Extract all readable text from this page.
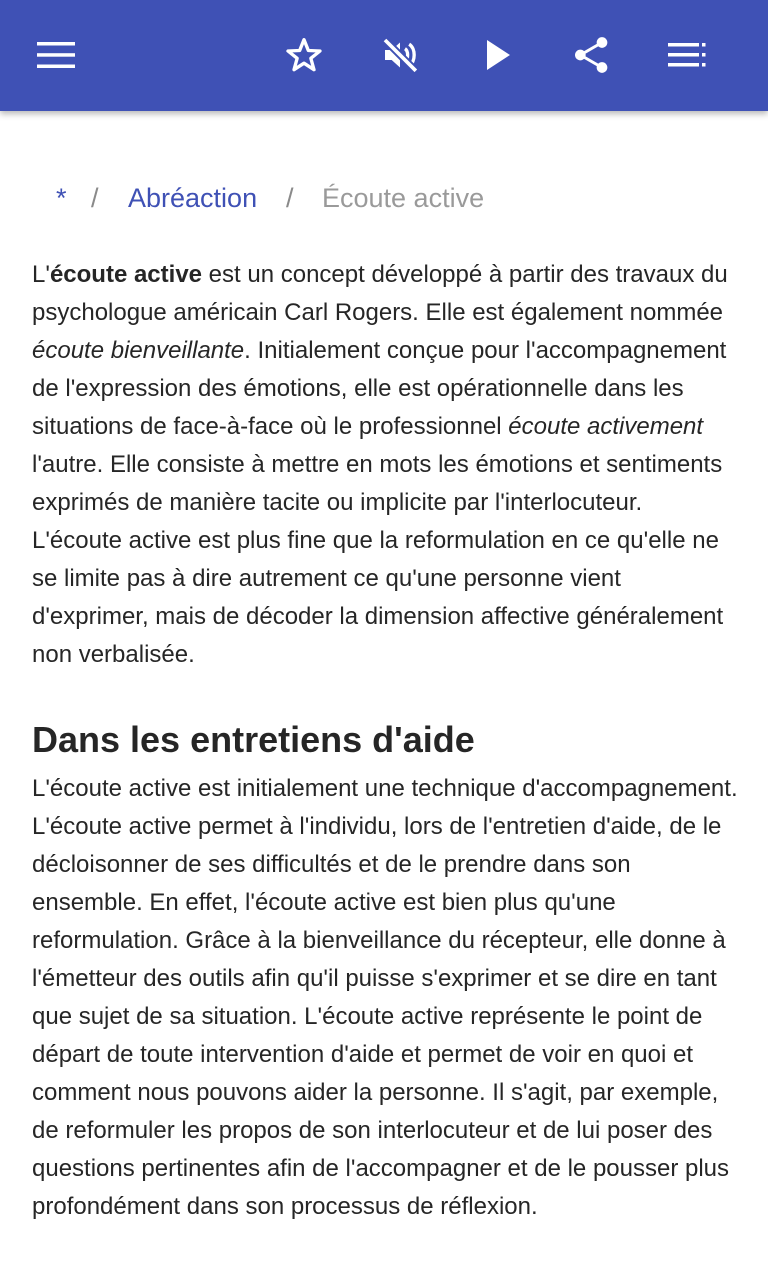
* / Abréaction / Écoute active

L'écoute active est un concept développé à partir des travaux du psychologue américain Carl Rogers. Elle est également nommée écoute bienveillante. Initialement conçue pour l'accompagnement de l'expression des émotions, elle est opérationnelle dans les situations de face-à-face où le professionnel écoute activement l'autre. Elle consiste à mettre en mots les émotions et sentiments exprimés de manière tacite ou implicite par l'interlocuteur. L'écoute active est plus fine que la reformulation en ce qu'elle ne se limite pas à dire autrement ce qu'une personne vient d'exprimer, mais de décoder la dimension affective généralement non verbalisée.

Dans les entretiens d'aide

L'écoute active est initialement une technique d'accompagnement. L'écoute active permet à l'individu, lors de l'entretien d'aide, de le décloisonner de ses difficultés et de le prendre dans son ensemble. En effet, l'écoute active est bien plus qu'une reformulation. Grâce à la bienveillance du récepteur, elle donne à l'émetteur des outils afin qu'il puisse s'exprimer et se dire en tant que sujet de sa situation. L'écoute active représente le point de départ de toute intervention d'aide et permet de voir en quoi et comment nous pouvons aider la personne. Il s'agit, par exemple, de reformuler les propos de son interlocuteur et de lui poser des questions pertinentes afin de l'accompagner et de le pousser plus profondément dans son processus de réflexion.
